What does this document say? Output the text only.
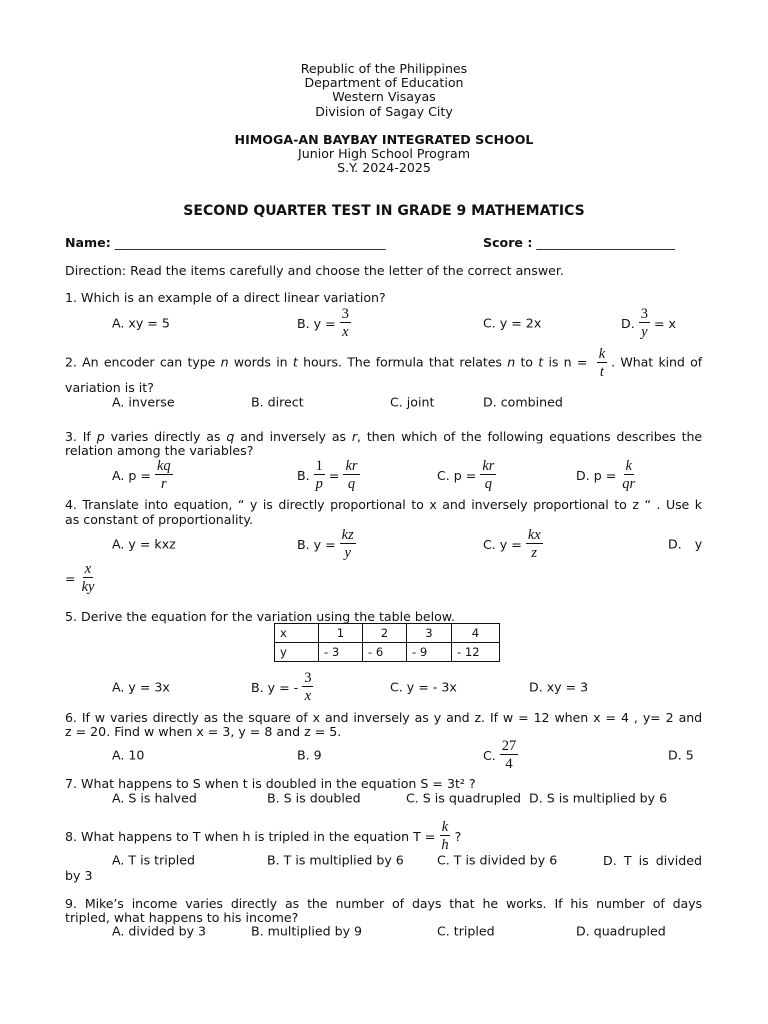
Republic of the Philippines
Department of Education
Western Visayas
Division of Sagay City
HIMOGA-AN BAYBAY INTEGRATED SCHOOL
Junior High School Program
S.Y. 2024-2025
SECOND QUARTER TEST IN GRADE 9 MATHEMATICS
Name: ___________________________________________	Score : ______________________
Direction: Read the items carefully and choose the letter of the correct answer.
1. Which is an example of a direct linear variation?
A. xy = 5	B. $y = \frac{3}{x}$	C. y = 2x	D. $\frac{3}{y} = x$
2. An encoder can type n words in t hours. The formula that relates n to t is $n = \frac{k}{t}$ . What kind of
variation is it?
A. inverse	B. direct	C. joint	D. combined
3. If p varies directly as q and inversely as r, then which of the following equations describes the
relation among the variables?
A. $p = \frac{kq}{r}$	B. $\frac{1}{p} = \frac{kr}{q}$	C. $p = \frac{kr}{q}$	D. $p = \frac{k}{qr}$
4. Translate into equation, “ y is directly proportional to x and inversely proportional to z “ . Use k
as constant of proportionality.
A. y = kxz	B. $y = \frac{kz}{y}$	C. $y = \frac{kx}{z}$	D. y
= $\frac{x}{ky}$
5. Derive the equation for the variation using the table below.
x	1	2	3	4
y	- 3	- 6	- 9	- 12
A. y = 3x	B. y = - $\frac{3}{x}$	C. y = - 3x	D. xy = 3
6. If w varies directly as the square of x and inversely as y and z. If w = 12 when x = 4 , y= 2 and
z = 20. Find w when x = 3, y = 8 and z = 5.
A. 10	B. 9	C. $\frac{27}{4}$	D. 5
7. What happens to S when t is doubled in the equation S = 3t² ?
A. S is halved	B. S is doubled	C. S is quadrupled D. S is multiplied by 6
8. What happens to T when h is tripled in the equation $T = \frac{k}{h}$ ?
A. T is tripled	B. T is multiplied by 6	C. T is divided by 6	D. T is divided
by 3
9. Mike’s income varies directly as the number of days that he works. If his number of days
tripled, what happens to his income?
A. divided by 3	B. multiplied by 9	C. tripled	D. quadrupled
